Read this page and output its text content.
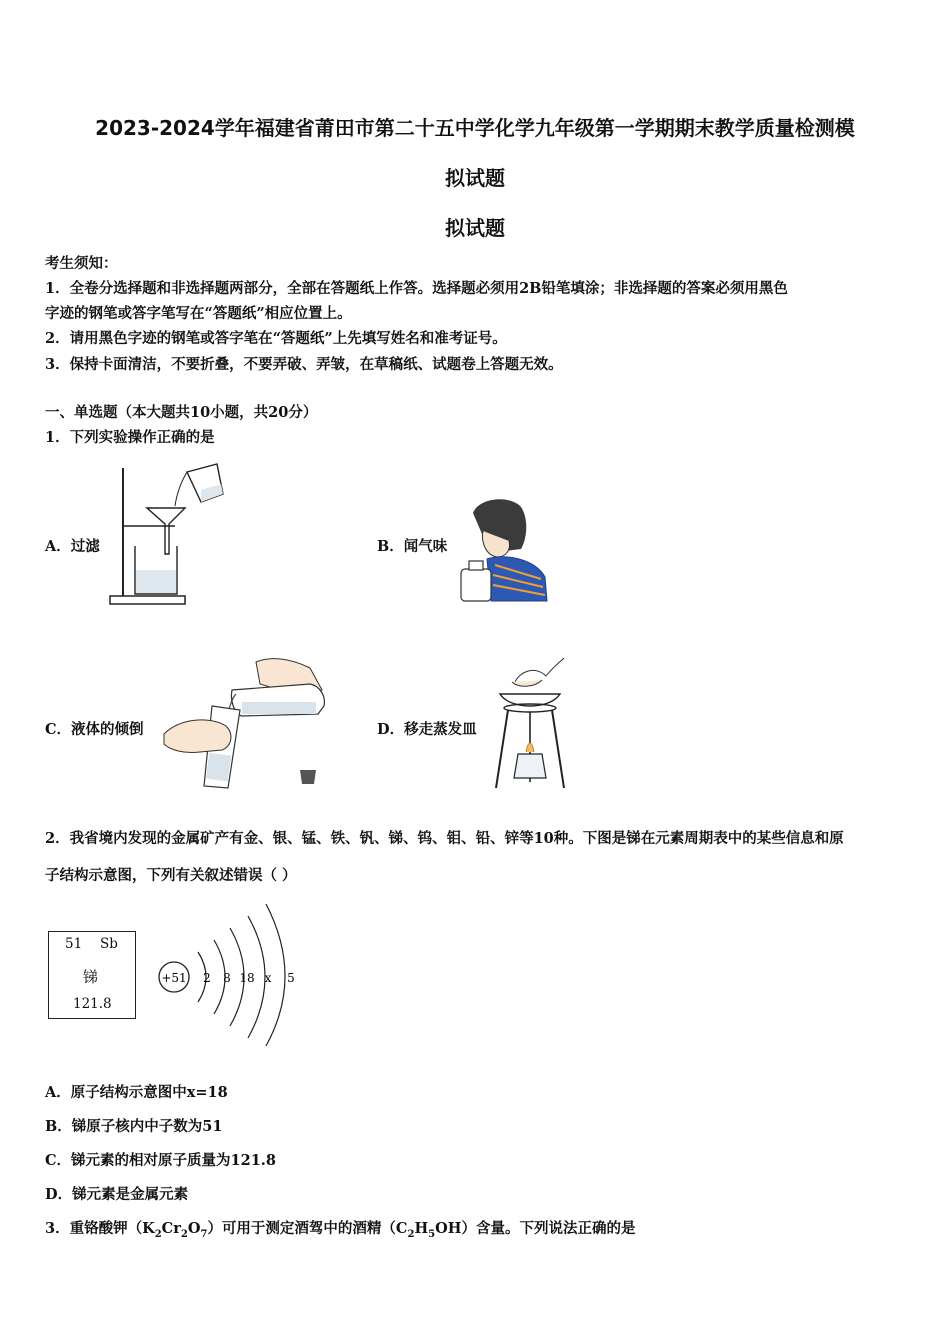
2023-2024学年福建省莆田市第二十五中学化学九年级第一学期期末教学质量检测模
拟试题
拟试题
考生须知：
1．全卷分选择题和非选择题两部分，全部在答题纸上作答。选择题必须用2B铅笔填涂；非选择题的答案必须用黑色
字迹的钢笔或答字笔写在“答题纸”相应位置上。
2．请用黑色字迹的钢笔或答字笔在“答题纸”上先填写姓名和准考证号。
3．保持卡面清洁，不要折叠，不要弄破、弄皱，在草稿纸、试题卷上答题无效。
一、单选题（本大题共10小题，共20分）
1．下列实验操作正确的是
A．过滤	B．闻气味
C．液体的倾倒	D．移走蒸发皿
2．我省境内发现的金属矿产有金、银、锰、铁、钒、锑、钨、钼、铅、锌等10种。下图是锑在元素周期表中的某些信息和原
子结构示意图，下列有关叙述错误（ ）
51 Sb
锑
121.8
+51 2 8 18 x 5
A．原子结构示意图中x=18
B．锑原子核内中子数为51
C．锑元素的相对原子质量为121.8
D．锑元素是金属元素
3．重铬酸钾$(K_2Cr_2O_7)$可用于测定酒驾中的酒精$(C_2H_5OH)$含量。下列说法正确的是
